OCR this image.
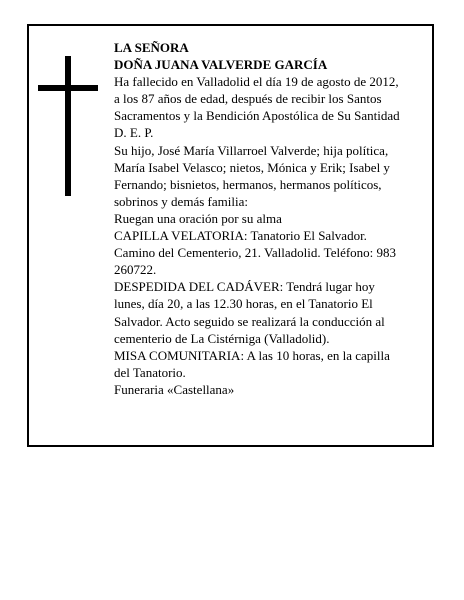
LA SEÑORA

DOÑA JUANA VALVERDE GARCÍA

Ha fallecido en Valladolid el día 19 de agosto de 2012,

a los 87 años de edad, después de recibir los Santos

Sacramentos y la Bendición Apostólica de Su Santidad

D. E. P.

Su hijo, José María Villarroel Valverde; hija política,

María Isabel Velasco; nietos, Mónica y Erik; Isabel y

Fernando; bisnietos, hermanos, hermanos políticos,

sobrinos y demás familia:

Ruegan una oración por su alma

CAPILLA VELATORIA: Tanatorio El Salvador.

Camino del Cementerio, 21. Valladolid. Teléfono: 983

260722.

DESPEDIDA DEL CADÁVER: Tendrá lugar hoy

lunes, día 20, a las 12.30 horas, en el Tanatorio El

Salvador. Acto seguido se realizará la conducción al

cementerio de La Cistérniga (Valladolid).

MISA COMUNITARIA: A las 10 horas, en la capilla

del Tanatorio.

Funeraria «Castellana»
